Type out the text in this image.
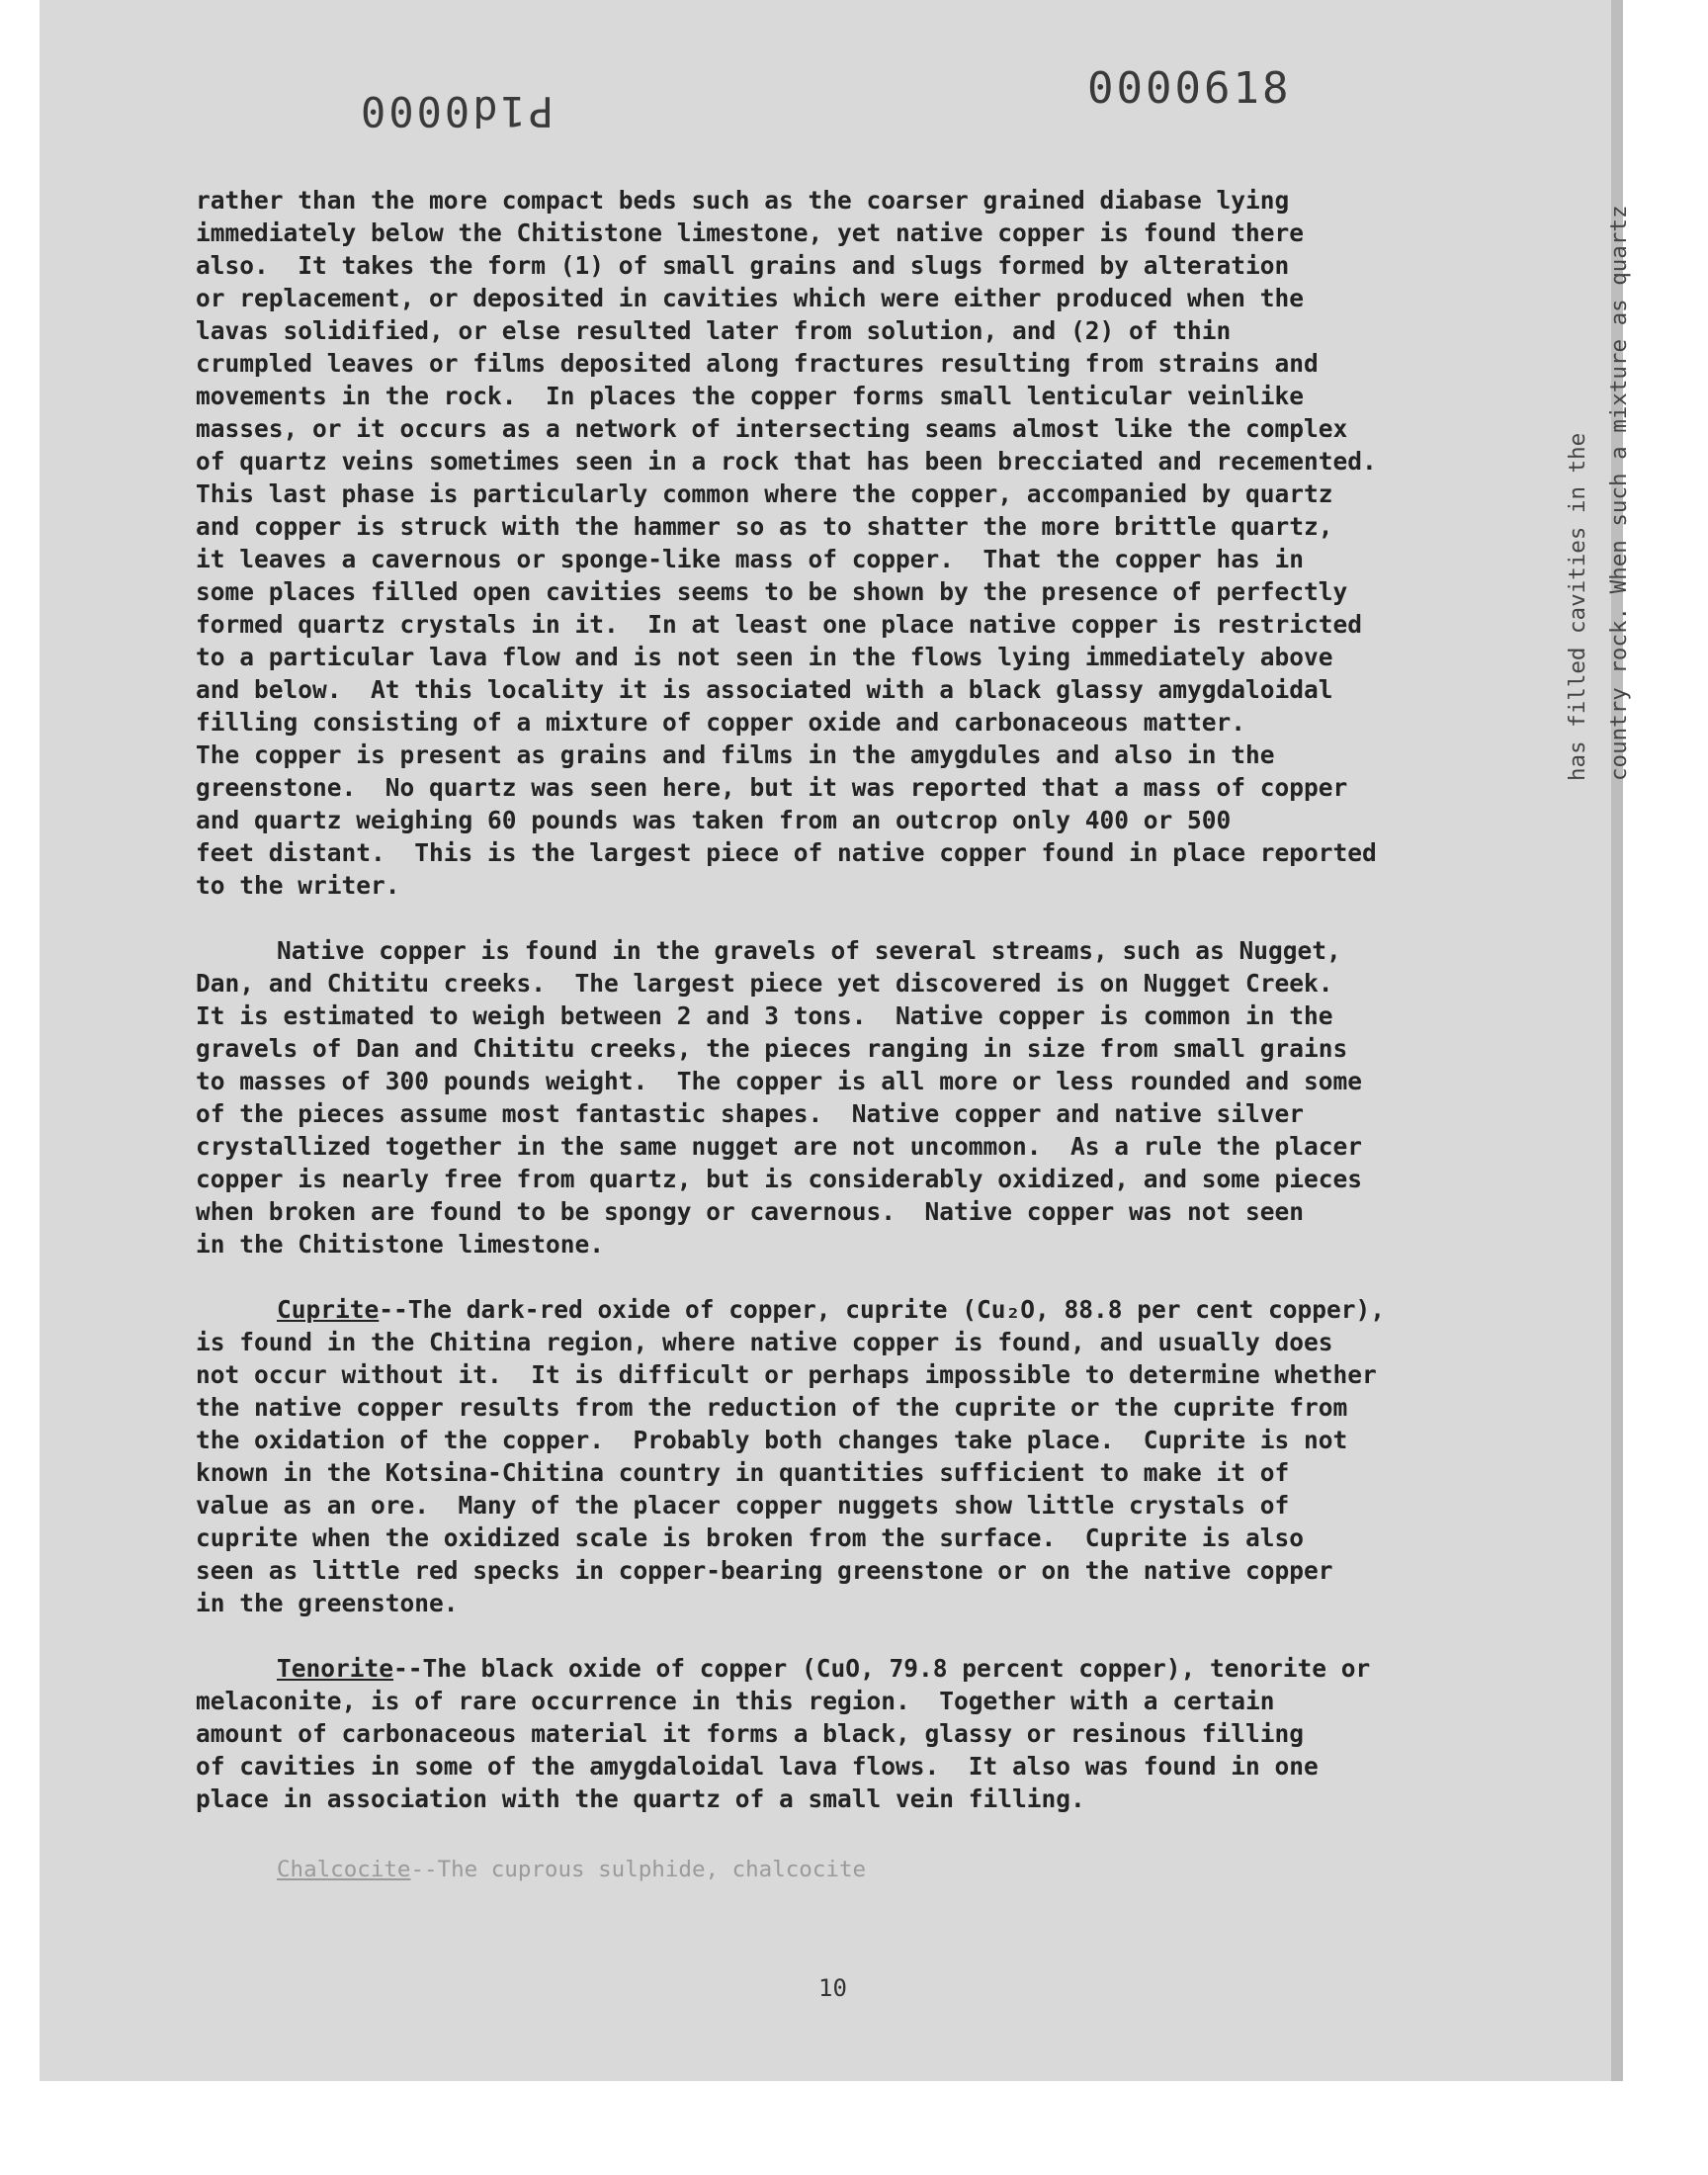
P1d0000	0000618

has filled cavities in the country rock. When such a mixture as quartz

rather than the more compact beds such as the coarser grained diabase lying
immediately below the Chitistone limestone, yet native copper is found there
also.  It takes the form (1) of small grains and slugs formed by alteration
or replacement, or deposited in cavities which were either produced when the
lavas solidified, or else resulted later from solution, and (2) of thin
crumpled leaves or films deposited along fractures resulting from strains and
movements in the rock.  In places the copper forms small lenticular veinlike
masses, or it occurs as a network of intersecting seams almost like the complex
of quartz veins sometimes seen in a rock that has been brecciated and recemented.
This last phase is particularly common where the copper, accompanied by quartz
and copper is struck with the hammer so as to shatter the more brittle quartz,
it leaves a cavernous or sponge-like mass of copper.  That the copper has in
some places filled open cavities seems to be shown by the presence of perfectly
formed quartz crystals in it.  In at least one place native copper is restricted
to a particular lava flow and is not seen in the flows lying immediately above
and below.  At this locality it is associated with a black glassy amygdaloidal
filling consisting of a mixture of copper oxide and carbonaceous matter.
The copper is present as grains and films in the amygdules and also in the
greenstone.  No quartz was seen here, but it was reported that a mass of copper
and quartz weighing 60 pounds was taken from an outcrop only 400 or 500
feet distant.  This is the largest piece of native copper found in place reported
to the writer.

Native copper is found in the gravels of several streams, such as Nugget,
Dan, and Chititu creeks.  The largest piece yet discovered is on Nugget Creek.
It is estimated to weigh between 2 and 3 tons.  Native copper is common in the
gravels of Dan and Chititu creeks, the pieces ranging in size from small grains
to masses of 300 pounds weight.  The copper is all more or less rounded and some
of the pieces assume most fantastic shapes.  Native copper and native silver
crystallized together in the same nugget are not uncommon.  As a rule the placer
copper is nearly free from quartz, but is considerably oxidized, and some pieces
when broken are found to be spongy or cavernous.  Native copper was not seen
in the Chitistone limestone.

Cuprite--The dark-red oxide of copper, cuprite (Cu₂O, 88.8 per cent copper),
is found in the Chitina region, where native copper is found, and usually does
not occur without it.  It is difficult or perhaps impossible to determine whether
the native copper results from the reduction of the cuprite or the cuprite from
the oxidation of the copper.  Probably both changes take place.  Cuprite is not
known in the Kotsina-Chitina country in quantities sufficient to make it of
value as an ore.  Many of the placer copper nuggets show little crystals of
cuprite when the oxidized scale is broken from the surface.  Cuprite is also
seen as little red specks in copper-bearing greenstone or on the native copper
in the greenstone.

Tenorite--The black oxide of copper (CuO, 79.8 percent copper), tenorite or
melaconite, is of rare occurrence in this region.  Together with a certain
amount of carbonaceous material it forms a black, glassy or resinous filling
of cavities in some of the amygdaloidal lava flows.  It also was found in one
place in association with the quartz of a small vein filling.

Chalcocite--The cuprous sulphide, chalcocite

10
